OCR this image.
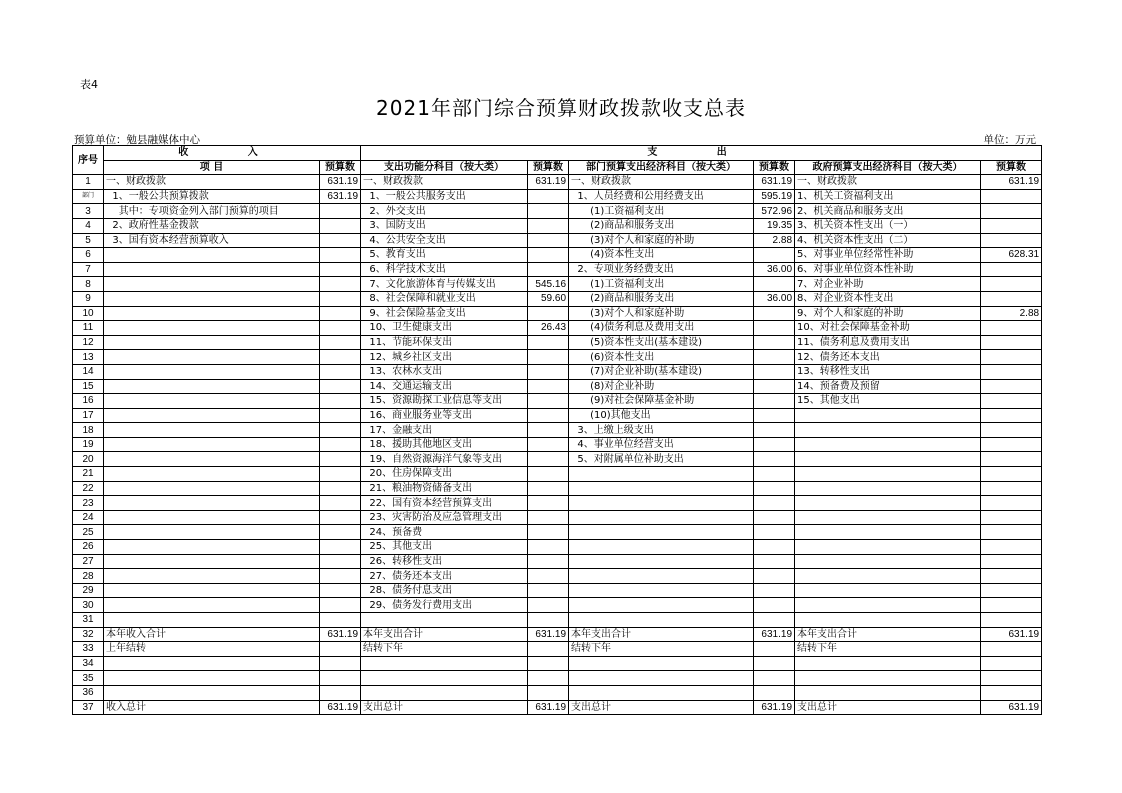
表4
2021年部门综合预算财政拨款收支总表
预算单位：勉县融媒体中心	单位：万元
序号	收 入		支 出					
	项 目	预算数	支出功能分科目（按大类）	预算数	部门预算支出经济科目（按大类）	预算数	政府预算支出经济科目（按大类）	预算数
1	一、财政拨款	631.19	一、财政拨款	631.19	一、财政拨款	631.19	一、财政拨款	631.19
部门	1、一般公共预算拨款	631.19	1、一般公共服务支出		1、人员经费和公用经费支出	595.19	1、机关工资福利支出	
3	其中：专项资金列入部门预算的项目		2、外交支出		(1)工资福利支出	572.96	2、机关商品和服务支出	
4	2、政府性基金拨款		3、国防支出		(2)商品和服务支出	19.35	3、机关资本性支出（一）	
5	3、国有资本经营预算收入		4、公共安全支出		(3)对个人和家庭的补助	2.88	4、机关资本性支出（二）	
6			5、教育支出		(4)资本性支出		5、对事业单位经常性补助	628.31
7			6、科学技术支出		2、专项业务经费支出	36.00	6、对事业单位资本性补助	
8			7、文化旅游体育与传媒支出	545.16	(1)工资福利支出		7、对企业补助	
9			8、社会保障和就业支出	59.60	(2)商品和服务支出	36.00	8、对企业资本性支出	
10			9、社会保险基金支出		(3)对个人和家庭补助		9、对个人和家庭的补助	2.88
11			10、卫生健康支出	26.43	(4)债务利息及费用支出		10、对社会保障基金补助	
12			11、节能环保支出		(5)资本性支出(基本建设)		11、债务利息及费用支出	
13			12、城乡社区支出		(6)资本性支出		12、债务还本支出	
14			13、农林水支出		(7)对企业补助(基本建设)		13、转移性支出	
15			14、交通运输支出		(8)对企业补助		14、预备费及预留	
16			15、资源勘探工业信息等支出		(9)对社会保障基金补助		15、其他支出	
17			16、商业服务业等支出		(10)其他支出			
18			17、金融支出		3、上缴上级支出			
19			18、援助其他地区支出		4、事业单位经营支出			
20			19、自然资源海洋气象等支出		5、对附属单位补助支出			
21			20、住房保障支出					
22			21、粮油物资储备支出					
23			22、国有资本经营预算支出					
24			23、灾害防治及应急管理支出					
25			24、预备费					
26			25、其他支出					
27			26、转移性支出					
28			27、债务还本支出					
29			28、债务付息支出					
30			29、债务发行费用支出					
31								
32	本年收入合计	631.19	本年支出合计	631.19	本年支出合计	631.19	本年支出合计	631.19
33	上年结转		结转下年		结转下年		结转下年	
34								
35								
36								
37	收入总计	631.19	支出总计	631.19	支出总计	631.19	支出总计	631.19
